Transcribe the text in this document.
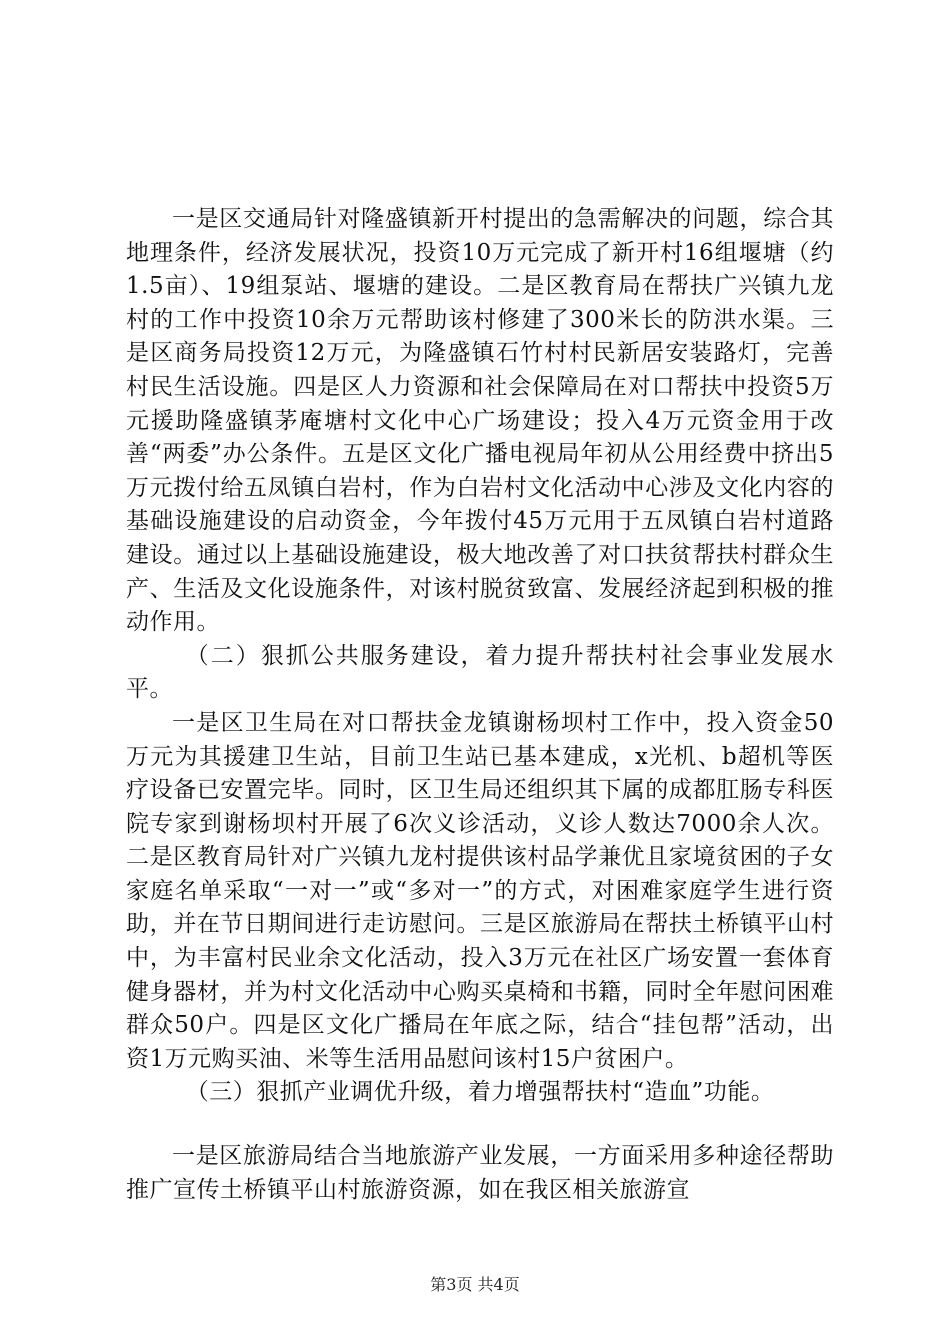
一是区交通局针对隆盛镇新开村提出的急需解决的问题，综合其地理条件，经济发展状况，投资10万元完成了新开村16组堰塘（约1.5亩）、19组泵站、堰塘的建设。二是区教育局在帮扶广兴镇九龙村的工作中投资10余万元帮助该村修建了300米长的防洪水渠。三是区商务局投资12万元，为隆盛镇石竹村村民新居安装路灯，完善村民生活设施。四是区人力资源和社会保障局在对口帮扶中投资5万元援助隆盛镇茅庵塘村文化中心广场建设；投入4万元资金用于改善“两委”办公条件。五是区文化广播电视局年初从公用经费中挤出5万元拨付给五凤镇白岩村，作为白岩村文化活动中心涉及文化内容的基础设施建设的启动资金，今年拨付45万元用于五凤镇白岩村道路建设。通过以上基础设施建设，极大地改善了对口扶贫帮扶村群众生产、生活及文化设施条件，对该村脱贫致富、发展经济起到积极的推动作用。

（二）狠抓公共服务建设，着力提升帮扶村社会事业发展水平。

一是区卫生局在对口帮扶金龙镇谢杨坝村工作中，投入资金50万元为其援建卫生站，目前卫生站已基本建成，x光机、b超机等医疗设备已安置完毕。同时，区卫生局还组织其下属的成都肛肠专科医院专家到谢杨坝村开展了6次义诊活动，义诊人数达7000余人次。二是区教育局针对广兴镇九龙村提供该村品学兼优且家境贫困的子女家庭名单采取“一对一”或“多对一”的方式，对困难家庭学生进行资助，并在节日期间进行走访慰问。三是区旅游局在帮扶土桥镇平山村中，为丰富村民业余文化活动，投入3万元在社区广场安置一套体育健身器材，并为村文化活动中心购买桌椅和书籍，同时全年慰问困难群众50户。四是区文化广播局在年底之际，结合“挂包帮”活动，出资1万元购买油、米等生活用品慰问该村15户贫困户。

（三）狠抓产业调优升级，着力增强帮扶村“造血”功能。

一是区旅游局结合当地旅游产业发展，一方面采用多种途径帮助推广宣传土桥镇平山村旅游资源，如在我区相关旅游宣

第3页 共4页
